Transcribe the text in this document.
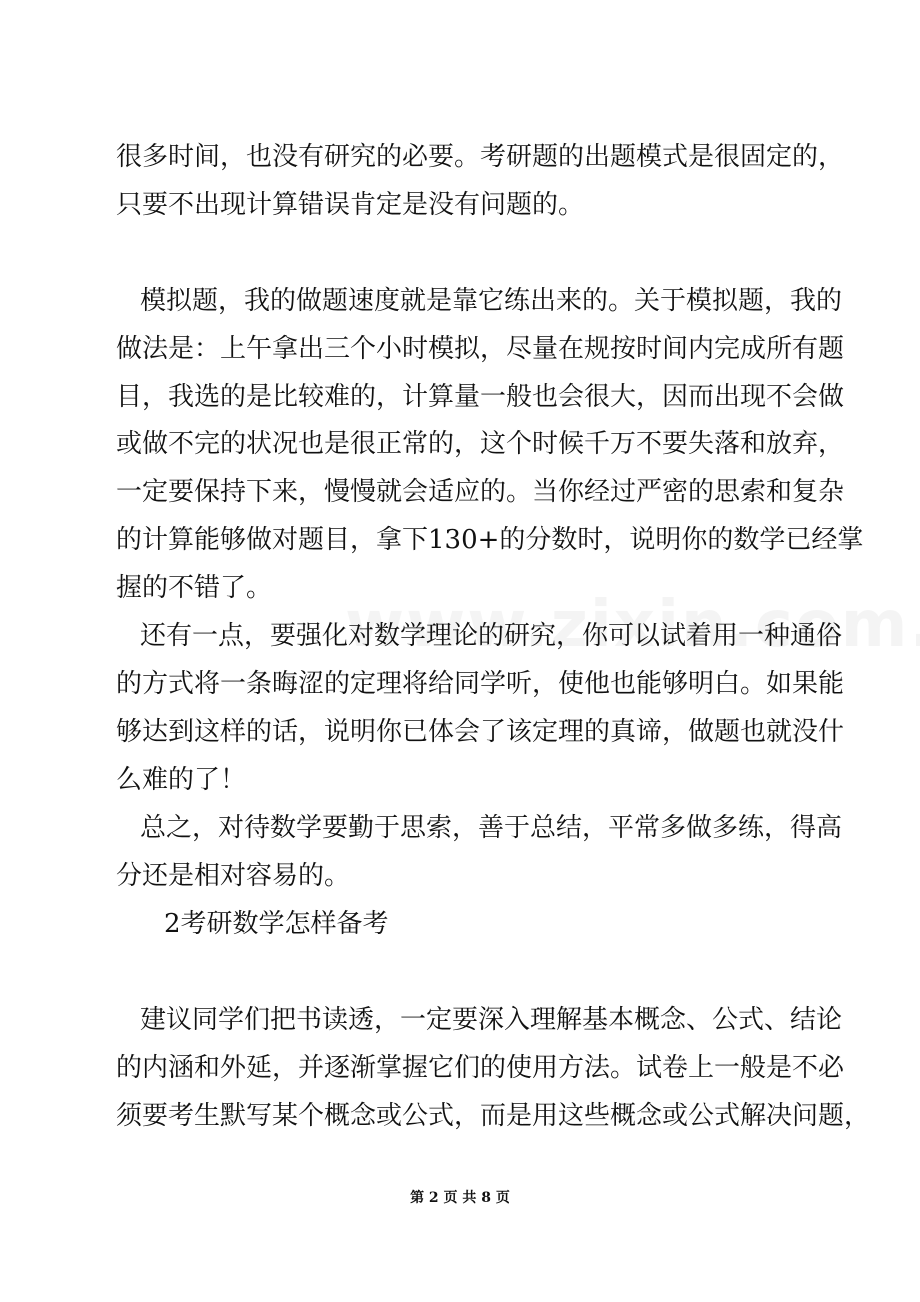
很多时间，也没有研究的必要。考研题的出题模式是很固定的，
只要不出现计算错误肯定是没有问题的。
模拟题，我的做题速度就是靠它练出来的。关于模拟题，我的
做法是：上午拿出三个小时模拟，尽量在规按时间内完成所有题
目，我选的是比较难的，计算量一般也会很大，因而出现不会做
或做不完的状况也是很正常的，这个时候千万不要失落和放弃，
一定要保持下来，慢慢就会适应的。当你经过严密的思索和复杂
的计算能够做对题目，拿下130+的分数时，说明你的数学已经掌
握的不错了。
还有一点，要强化对数学理论的研究，你可以试着用一种通俗
的方式将一条晦涩的定理将给同学听，使他也能够明白。如果能
够达到这样的话，说明你已体会了该定理的真谛，做题也就没什
么难的了！
总之，对待数学要勤于思索，善于总结，平常多做多练，得高
分还是相对容易的。
2考研数学怎样备考
建议同学们把书读透，一定要深入理解基本概念、公式、结论
的内涵和外延，并逐渐掌握它们的使用方法。试卷上一般是不必
须要考生默写某个概念或公式，而是用这些概念或公式解决问题，
第 2 页 共 8 页
